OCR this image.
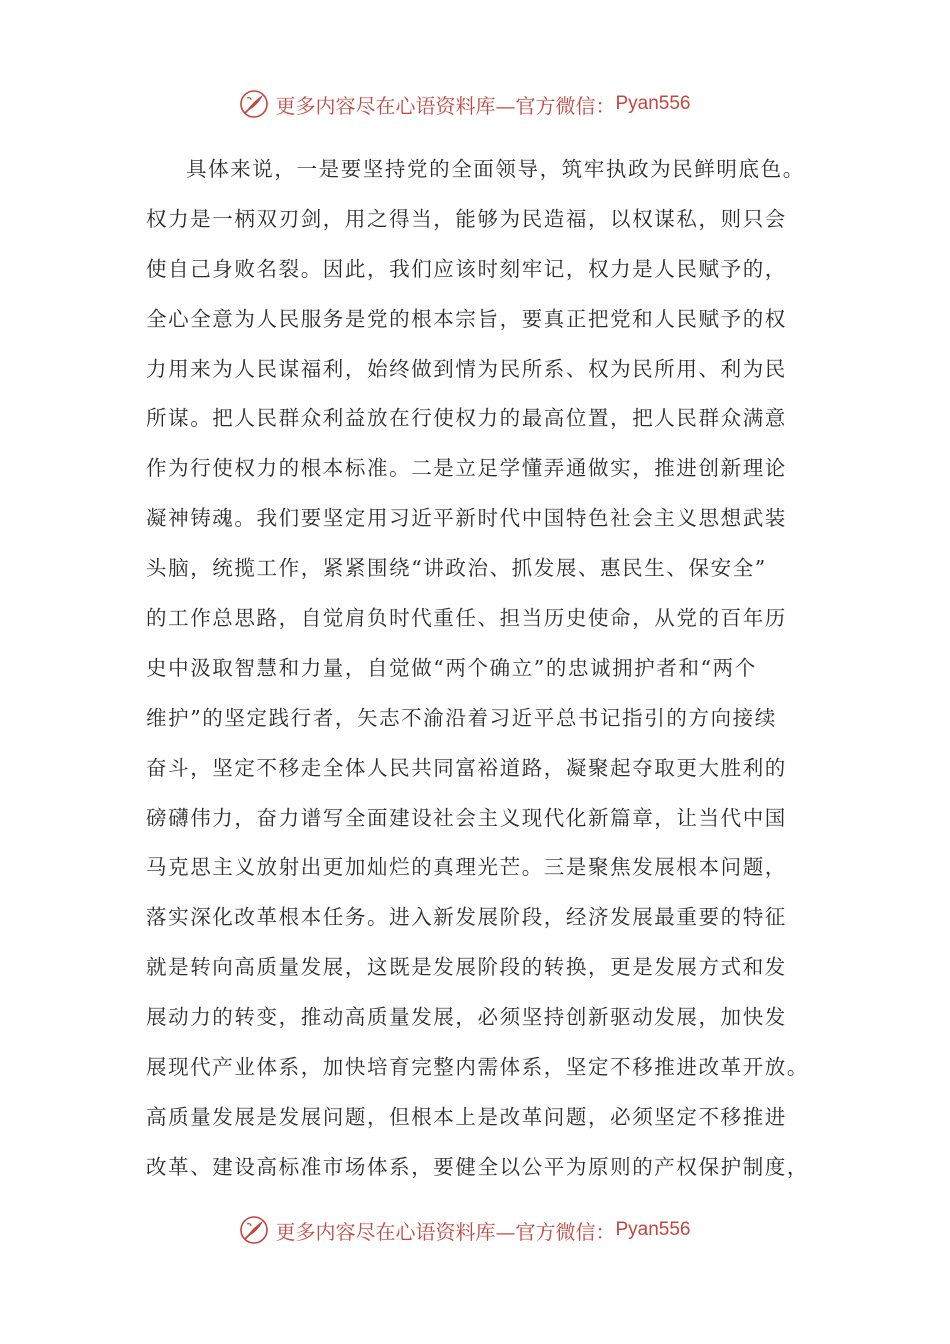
更多内容尽在心语资料库—官方微信： Pyan556
具体来说，一是要坚持党的全面领导，筑牢执政为民鲜明底色。
权力是一柄双刃剑，用之得当，能够为民造福，以权谋私，则只会
使自己身败名裂。因此，我们应该时刻牢记，权力是人民赋予的，
全心全意为人民服务是党的根本宗旨，要真正把党和人民赋予的权
力用来为人民谋福利，始终做到情为民所系、权为民所用、利为民
所谋。把人民群众利益放在行使权力的最高位置，把人民群众满意
作为行使权力的根本标准。二是立足学懂弄通做实，推进创新理论
凝神铸魂。我们要坚定用习近平新时代中国特色社会主义思想武装
头脑，统揽工作，紧紧围绕“讲政治、抓发展、惠民生、保安全”
的工作总思路，自觉肩负时代重任、担当历史使命，从党的百年历
史中汲取智慧和力量，自觉做“两个确立”的忠诚拥护者和“两个
维护”的坚定践行者，矢志不渝沿着习近平总书记指引的方向接续
奋斗，坚定不移走全体人民共同富裕道路，凝聚起夺取更大胜利的
磅礴伟力，奋力谱写全面建设社会主义现代化新篇章，让当代中国
马克思主义放射出更加灿烂的真理光芒。三是聚焦发展根本问题，
落实深化改革根本任务。进入新发展阶段，经济发展最重要的特征
就是转向高质量发展，这既是发展阶段的转换，更是发展方式和发
展动力的转变，推动高质量发展，必须坚持创新驱动发展，加快发
展现代产业体系，加快培育完整内需体系，坚定不移推进改革开放。
高质量发展是发展问题，但根本上是改革问题，必须坚定不移推进
改革、建设高标准市场体系，要健全以公平为原则的产权保护制度，
更多内容尽在心语资料库—官方微信： Pyan556
